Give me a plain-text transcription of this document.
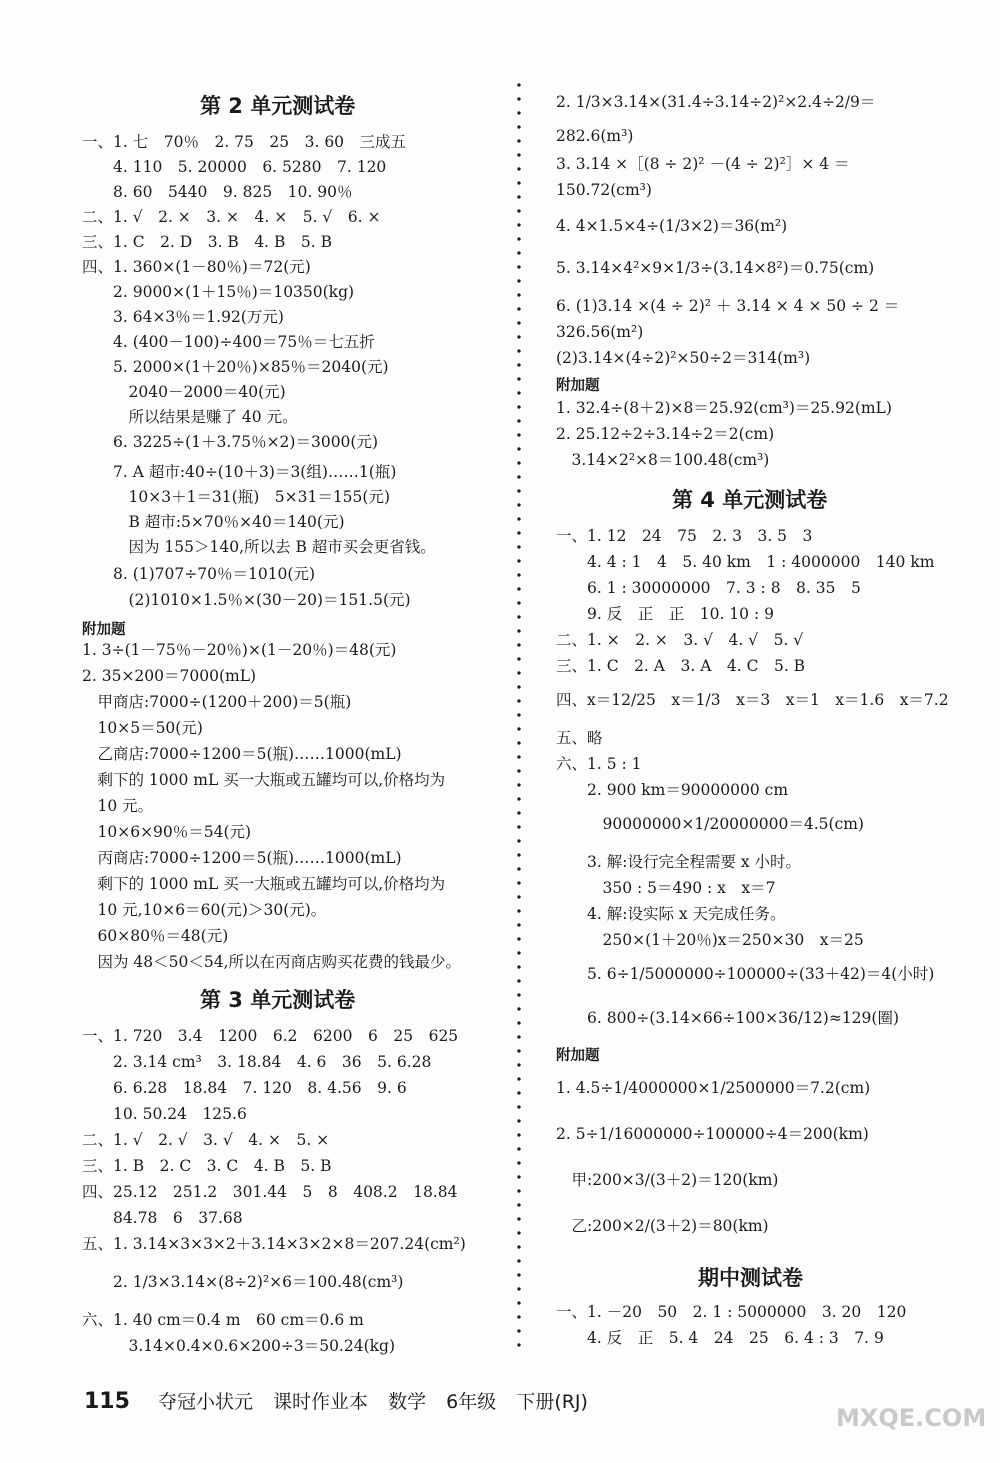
第 2 单元测试卷
一、1. 七　70％　2. 75　25　3. 60　三成五
　　4. 110　5. 20000　6. 5280　7. 120
　　8. 60　5440　9. 825　10. 90％
二、1. √　2. ×　3. ×　4. ×　5. √　6. ×
三、1. C　2. D　3. B　4. B　5. B
四、1. 360×(1－80％)＝72(元)
　　2. 9000×(1＋15％)＝10350(kg)
　　3. 64×3％＝1.92(万元)
　　4. (400－100)÷400＝75％＝七五折
　　5. 2000×(1＋20％)×85％＝2040(元)
　　　2040－2000＝40(元)
　　　所以结果是赚了 40 元。
　　6. 3225÷(1＋3.75％×2)＝3000(元)
　　7. A 超市:40÷(10＋3)＝3(组)……1(瓶)
　　　10×3＋1＝31(瓶)　5×31＝155(元)
　　　B 超市:5×70％×40＝140(元)
　　　因为 155＞140,所以去 B 超市买会更省钱。
　　8. (1)707÷70％＝1010(元)
　　　(2)1010×1.5％×(30－20)＝151.5(元)
附加题
1. 3÷(1－75％－20％)×(1－20％)＝48(元)
2. 35×200＝7000(mL)
　甲商店:7000÷(1200＋200)＝5(瓶)
　10×5＝50(元)
　乙商店:7000÷1200＝5(瓶)……1000(mL)
　剩下的 1000 mL 买一大瓶或五罐均可以,价格均为
　10 元。
　10×6×90％＝54(元)
　丙商店:7000÷1200＝5(瓶)……1000(mL)
　剩下的 1000 mL 买一大瓶或五罐均可以,价格均为
　10 元,10×6＝60(元)＞30(元)。
　60×80％＝48(元)
　因为 48＜50＜54,所以在丙商店购买花费的钱最少。
第 3 单元测试卷
一、1. 720　3.4　1200　6.2　6200　6　25　625
　　2. 3.14 cm³　3. 18.84　4. 6　36　5. 6.28
　　6. 6.28　18.84　7. 120　8. 4.56　9. 6
　　10. 50.24　125.6
二、1. √　2. √　3. √　4. ×　5. ×
三、1. B　2. C　3. C　4. B　5. B
四、25.12　251.2　301.44　5　8　408.2　18.84
　　84.78　6　37.68
五、1. 3.14×3×3×2＋3.14×3×2×8＝207.24(cm²)
　　2. 1/3×3.14×(8÷2)²×6＝100.48(cm³)
六、1. 40 cm＝0.4 m　60 cm＝0.6 m
　　　3.14×0.4×0.6×200÷3＝50.24(kg)
2. 1/3×3.14×(31.4÷3.14÷2)²×2.4÷2/9＝
282.6(m³)
3. 3.14 ×［(8 ÷ 2)² －(4 ÷ 2)²］× 4 ＝
150.72(cm³)
4. 4×1.5×4÷(1/3×2)＝36(m²)
5. 3.14×4²×9×1/3÷(3.14×8²)＝0.75(cm)
6. (1)3.14 ×(4 ÷ 2)² ＋ 3.14 × 4 × 50 ÷ 2 ＝
326.56(m²)
(2)3.14×(4÷2)²×50÷2＝314(m³)
附加题
1. 32.4÷(8＋2)×8＝25.92(cm³)＝25.92(mL)
2. 25.12÷2÷3.14÷2＝2(cm)
　3.14×2²×8＝100.48(cm³)
第 4 单元测试卷
一、1. 12　24　75　2. 3　3. 5　3
　　4. 4 : 1　4　5. 40 km　1 : 4000000　140 km
　　6. 1 : 30000000　7. 3 : 8　8. 35　5
　　9. 反　正　正　10. 10 : 9
二、1. ×　2. ×　3. √　4. √　5. √
三、1. C　2. A　3. A　4. C　5. B
四、x＝12/25　x＝1/3　x＝3　x＝1　x＝1.6　x＝7.2
五、略
六、1. 5 : 1
　　2. 900 km＝90000000 cm
　　　90000000×1/20000000＝4.5(cm)
　　3. 解:设行完全程需要 x 小时。
　　　350 : 5＝490 : x　x＝7
　　4. 解:设实际 x 天完成任务。
　　　250×(1＋20％)x＝250×30　x＝25
　　5. 6÷1/5000000÷100000÷(33＋42)＝4(小时)
　　6. 800÷(3.14×66÷100×36/12)≈129(圈)
附加题
1. 4.5÷1/4000000×1/2500000＝7.2(cm)
2. 5÷1/16000000÷100000÷4＝200(km)
　甲:200×3/(3＋2)＝120(km)
　乙:200×2/(3＋2)＝80(km)
期中测试卷
一、1. －20　50　2. 1 : 5000000　3. 20　120
　　4. 反　正　5. 4　24　25　6. 4 : 3　7. 9
115 夺冠小状元 课时作业本 数学 6年级 下册(RJ)
MXQE.COM
